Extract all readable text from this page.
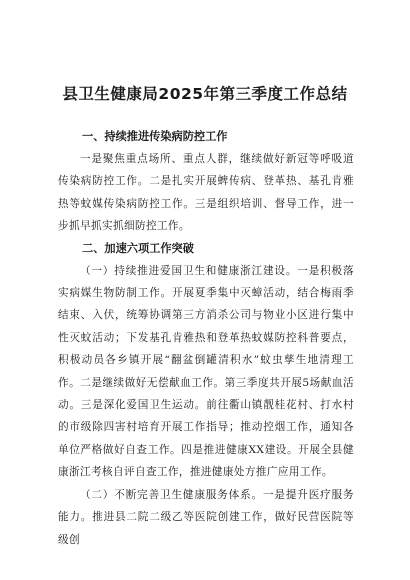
县卫生健康局2025年第三季度工作总结

一、持续推进传染病防控工作

一是聚焦重点场所、重点人群，继续做好新冠等呼吸道传染病防控工作。二是扎实开展蜱传病、登革热、基孔肯雅热等蚊媒传染病防控工作。三是组织培训、督导工作，进一步抓早抓实抓细防控工作。

二、加速六项工作突破

（一）持续推进爱国卫生和健康浙江建设。一是积极落实病媒生物防制工作。开展夏季集中灭蟑活动，结合梅雨季结束、入伏，统筹协调第三方消杀公司与物业小区进行集中性灭蚊活动；下发基孔肯雅热和登革热蚊媒防控科普要点，积极动员各乡镇开展“翻盆倒罐清积水”蚊虫孳生地清理工作。二是继续做好无偿献血工作。第三季度共开展5场献血活动。三是深化爱国卫生运动。前往衢山镇靓桂花村、打水村的市级除四害村培育开展工作指导；推动控烟工作，通知各单位严格做好自查工作。四是推进健康XX建设。开展全县健康浙江考核自评自查工作，推进健康处方推广应用工作。

（二）不断完善卫生健康服务体系。一是提升医疗服务能力。推进县二院二级乙等医院创建工作，做好民营医院等级创
